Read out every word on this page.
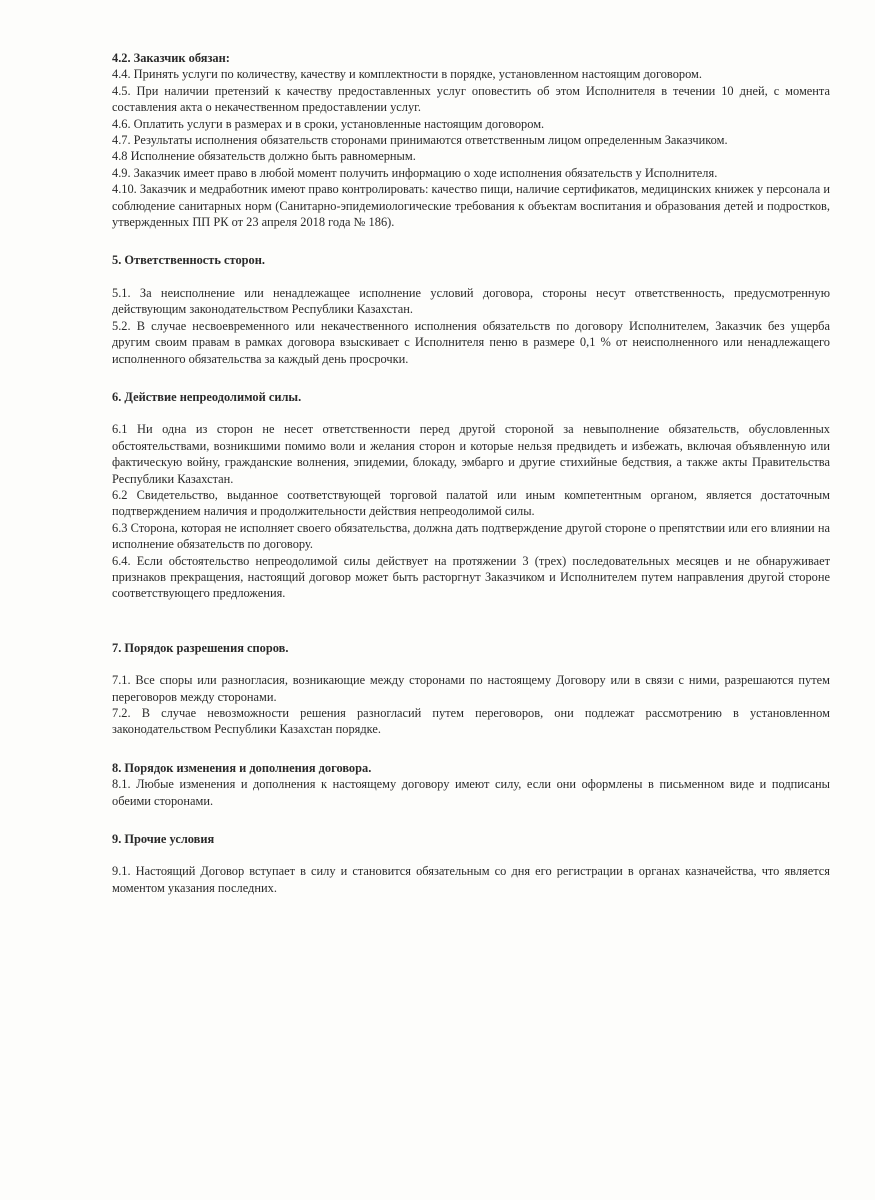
4.2. Заказчик обязан:

4.4. Принять услуги по количеству, качеству и комплектности в порядке, установленном настоящим договором.

4.5. При наличии претензий к качеству предоставленных услуг оповестить об этом Исполнителя в течении 10 дней, с момента составления акта о некачественном предоставлении услуг.

4.6. Оплатить услуги в размерах и в сроки, установленные настоящим договором.

4.7. Результаты исполнения обязательств сторонами принимаются ответственным лицом определенным Заказчиком.

4.8 Исполнение обязательств должно быть равномерным.

4.9. Заказчик имеет право в любой момент получить информацию о ходе исполнения обязательств у Исполнителя.

4.10. Заказчик и медработник имеют право контролировать: качество пищи, наличие сертификатов, медицинских книжек у персонала и соблюдение санитарных норм (Санитарно-эпидемиологические требования к объектам воспитания и образования детей и подростков, утвержденных ПП РК от 23 апреля 2018 года № 186).

5. Ответственность сторон.

5.1. За неисполнение или ненадлежащее исполнение условий договора, стороны несут ответственность, предусмотренную действующим законодательством Республики Казахстан.

5.2. В случае несвоевременного или некачественного исполнения обязательств по договору Исполнителем, Заказчик без ущерба другим своим правам в рамках договора взыскивает с Исполнителя пеню в размере 0,1 % от неисполненного или ненадлежащего исполненного обязательства за каждый день просрочки.

6. Действие непреодолимой силы.

6.1 Ни одна из сторон не несет ответственности перед другой стороной за невыполнение обязательств, обусловленных обстоятельствами, возникшими помимо воли и желания сторон и которые нельзя предвидеть и избежать, включая объявленную или фактическую войну, гражданские волнения, эпидемии, блокаду, эмбарго и другие стихийные бедствия, а также акты Правительства Республики Казахстан.

6.2 Свидетельство, выданное соответствующей торговой палатой или иным компетентным органом, является достаточным подтверждением наличия и продолжительности действия непреодолимой силы.

6.3 Сторона, которая не исполняет своего обязательства, должна дать подтверждение другой стороне о препятствии или его влиянии на исполнение обязательств по договору.

6.4. Если обстоятельство непреодолимой силы действует на протяжении 3 (трех) последовательных месяцев и не обнаруживает признаков прекращения, настоящий договор может быть расторгнут Заказчиком и Исполнителем путем направления другой стороне соответствующего предложения.

7. Порядок разрешения споров.

7.1. Все споры или разногласия, возникающие между сторонами по настоящему Договору или в связи с ними, разрешаются путем переговоров между сторонами.

7.2. В случае невозможности решения разногласий путем переговоров, они подлежат рассмотрению в установленном законодательством Республики Казахстан порядке.

8. Порядок изменения и дополнения договора.

8.1. Любые изменения и дополнения к настоящему договору имеют силу, если они оформлены в письменном виде и подписаны обеими сторонами.

9. Прочие условия

9.1. Настоящий Договор вступает в силу и становится обязательным со дня его регистрации в органах казначейства, что является моментом указания последних.
